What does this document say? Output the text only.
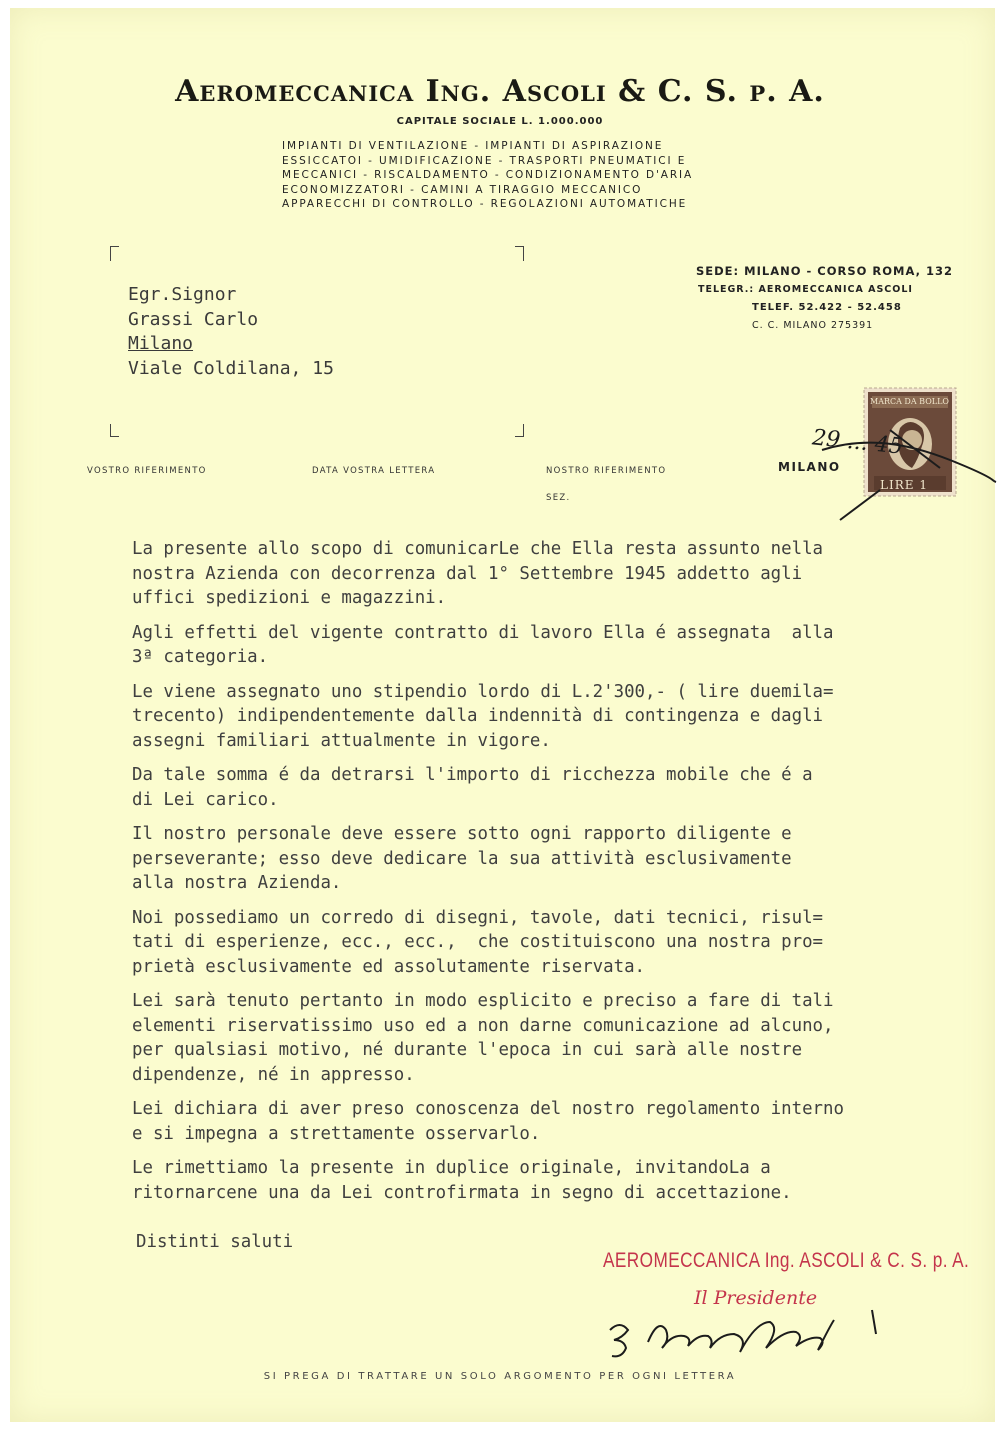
Aeromeccanica Ing. Ascoli & C. S. p. A.
CAPITALE SOCIALE L. 1.000.000
IMPIANTI DI VENTILAZIONE - IMPIANTI DI ASPIRAZIONE
ESSICCATOI - UMIDIFICAZIONE - TRASPORTI PNEUMATICI E
MECCANICI - RISCALDAMENTO - CONDIZIONAMENTO D'ARIA
ECONOMIZZATORI - CAMINI A TIRAGGIO MECCANICO
APPARECCHI DI CONTROLLO - REGOLAZIONI AUTOMATICHE
Egr.Signor
Grassi Carlo
Milano
Viale Coldilana, 15
SEDE: MILANO - CORSO ROMA, 132
TELEGR.: AEROMECCANICA ASCOLI
TELEF. 52.422 - 52.458
C. C. MILANO 275391
VOSTRO RIFERIMENTO	DATA VOSTRA LETTERA	NOSTRO RIFERIMENTO
SEZ.
MILANO
MARCA DA BOLLO
LIRE 1
29 ... 45

La presente allo scopo di comunicarLe che Ella resta assunto nella
nostra Azienda con decorrenza dal 1° Settembre 1945 addetto agli
uffici spedizioni e magazzini.

Agli effetti del vigente contratto di lavoro Ella é assegnata  alla
3ª categoria.

Le viene assegnato uno stipendio lordo di L.2'300,- ( lire duemila=
trecento) indipendentemente dalla indennità di contingenza e dagli
assegni familiari attualmente in vigore.

Da tale somma é da detrarsi l'importo di ricchezza mobile che é a
di Lei carico.

Il nostro personale deve essere sotto ogni rapporto diligente e
perseverante; esso deve dedicare la sua attività esclusivamente
alla nostra Azienda.

Noi possediamo un corredo di disegni, tavole, dati tecnici, risul=
tati di esperienze, ecc., ecc.,  che costituiscono una nostra pro=
prietà esclusivamente ed assolutamente riservata.

Lei sarà tenuto pertanto in modo esplicito e preciso a fare di tali
elementi riservatissimo uso ed a non darne comunicazione ad alcuno,
per qualsiasi motivo, né durante l'epoca in cui sarà alle nostre
dipendenze, né in appresso.

Lei dichiara di aver preso conoscenza del nostro regolamento interno
e si impegna a strettamente osservarlo.

Le rimettiamo la presente in duplice originale, invitandoLa a
ritornarcene una da Lei controfirmata in segno di accettazione.

Distinti saluti
AEROMECCANICA Ing. ASCOLI & C. S. p. A.
Il Presidente
SI PREGA DI TRATTARE UN SOLO ARGOMENTO PER OGNI LETTERA
